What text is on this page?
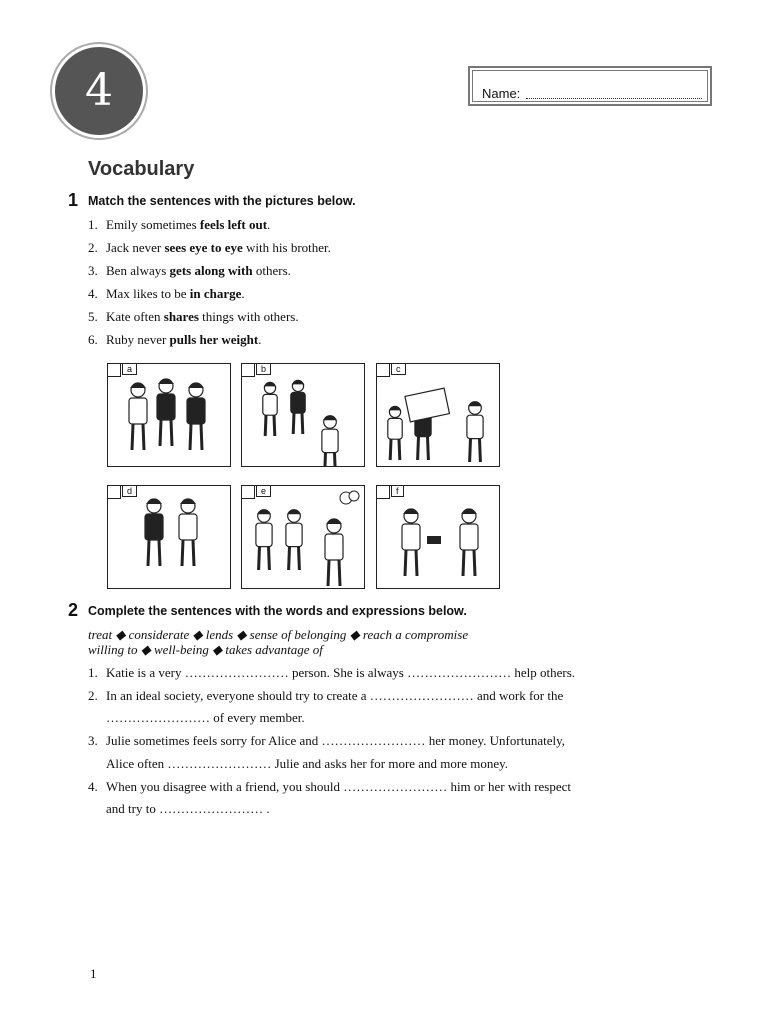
4	Name:
Vocabulary
1 Match the sentences with the pictures below.
1. Emily sometimes feels left out.
2. Jack never sees eye to eye with his brother.
3. Ben always gets along with others.
4. Max likes to be in charge.
5. Kate often shares things with others.
6. Ruby never pulls her weight.
a	b	c
d	e	f
2 Complete the sentences with the words and expressions below.
treat ◆ considerate ◆ lends ◆ sense of belonging ◆ reach a compromise
willing to ◆ well-being ◆ takes advantage of
1. Katie is a very …………………… person. She is always …………………… help others.
2. In an ideal society, everyone should try to create a …………………… and work for the
…………………… of every member.
3. Julie sometimes feels sorry for Alice and …………………… her money. Unfortunately,
Alice often …………………… Julie and asks her for more and more money.
4. When you disagree with a friend, you should …………………… him or her with respect
and try to …………………… .
1
